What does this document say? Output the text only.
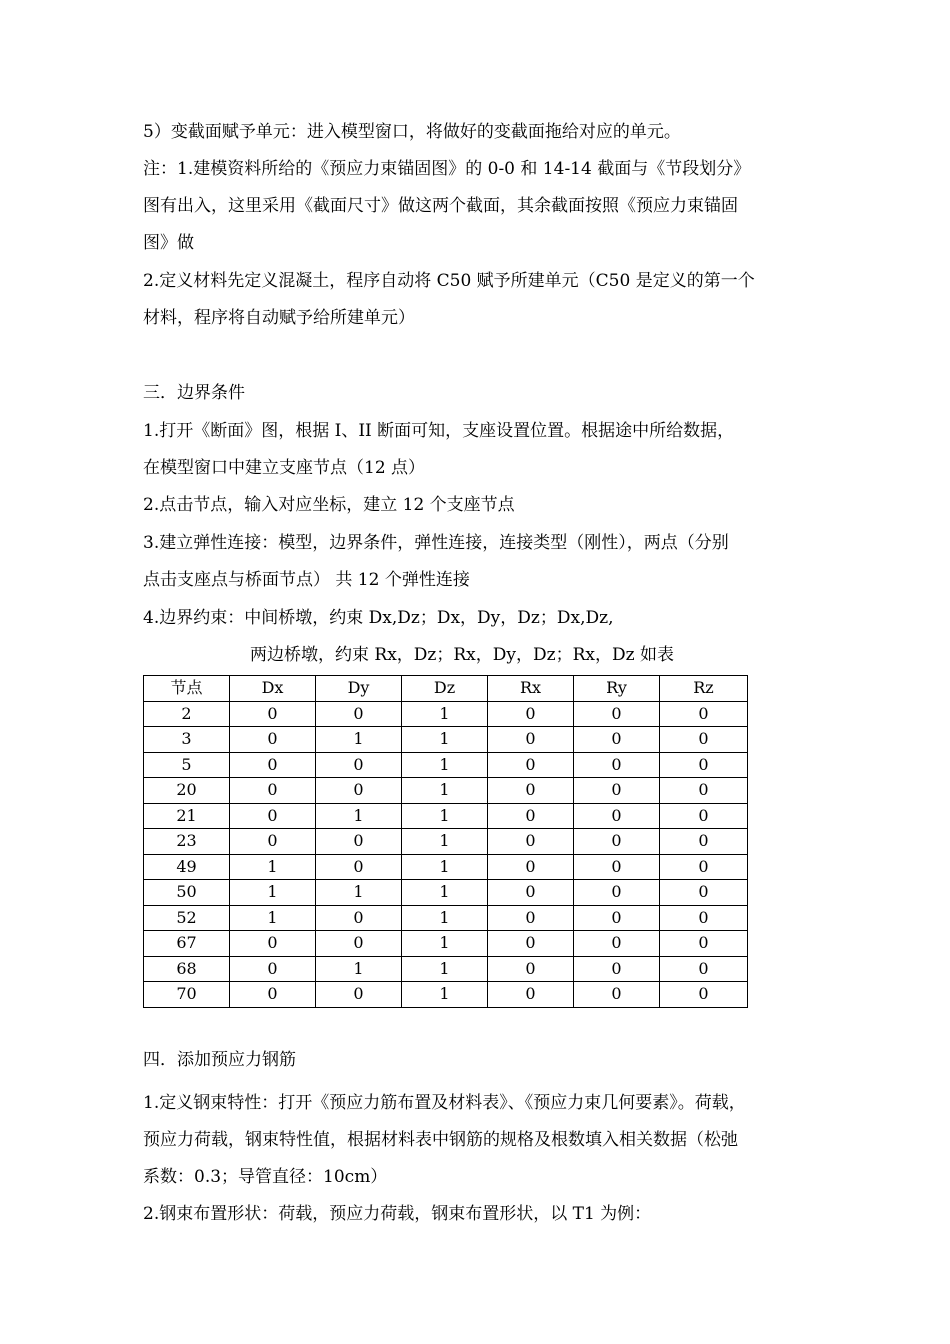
5）变截面赋予单元：进入模型窗口，将做好的变截面拖给对应的单元。
注：1.建模资料所给的《预应力束锚固图》的 0-0 和 14-14 截面与《节段划分》
图有出入，这里采用《截面尺寸》做这两个截面，其余截面按照《预应力束锚固
图》做
2.定义材料先定义混凝土，程序自动将 C50 赋予所建单元（C50 是定义的第一个
材料，程序将自动赋予给所建单元）
三．边界条件
1.打开《断面》图，根据 I、II 断面可知，支座设置位置。根据途中所给数据，
在模型窗口中建立支座节点（12 点）
2.点击节点，输入对应坐标，建立 12 个支座节点
3.建立弹性连接：模型，边界条件，弹性连接，连接类型（刚性），两点（分别
点击支座点与桥面节点） 共 12 个弹性连接
4.边界约束：中间桥墩，约束 Dx,Dz；Dx，Dy，Dz；Dx,Dz,
两边桥墩，约束 Rx，Dz；Rx，Dy，Dz；Rx，Dz 如表
节点	Dx	Dy	Dz	Rx	Ry	Rz
2	0	0	1	0	0	0
3	0	1	1	0	0	0
5	0	0	1	0	0	0
20	0	0	1	0	0	0
21	0	1	1	0	0	0
23	0	0	1	0	0	0
49	1	0	1	0	0	0
50	1	1	1	0	0	0
52	1	0	1	0	0	0
67	0	0	1	0	0	0
68	0	1	1	0	0	0
70	0	0	1	0	0	0
四．添加预应力钢筋
1.定义钢束特性：打开《预应力筋布置及材料表》、《预应力束几何要素》。荷载，
预应力荷载，钢束特性值，根据材料表中钢筋的规格及根数填入相关数据（松弛
系数：0.3；导管直径：10cm）
2.钢束布置形状：荷载，预应力荷载，钢束布置形状，以 T1 为例：
